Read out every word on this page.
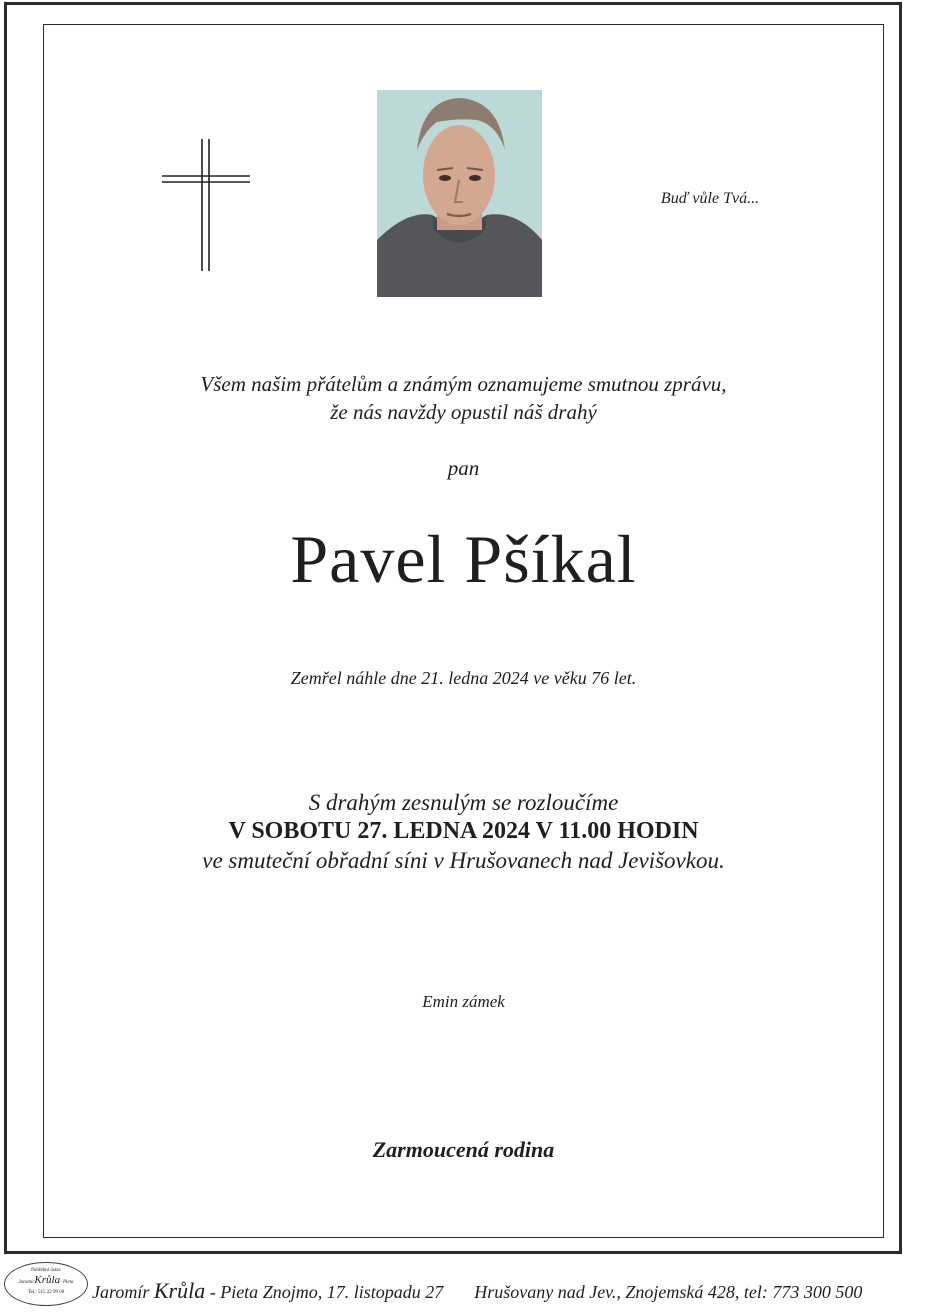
Buď vůle Tvá...
Všem našim přátelům a známým oznamujeme smutnou zprávu,
že nás navždy opustil náš drahý
pan
Pavel Pšíkal
Zemřel náhle dne 21. ledna 2024 ve věku 76 let.
S drahým zesnulým se rozloučíme
V SOBOTU 27. LEDNA 2024 V 11.00 HODIN
ve smuteční obřadní síni v Hrušovanech nad Jevišovkou.
Emin zámek
Zarmoucená rodina
Pohřební ústav
JaromírKrůla- Pieta
Tel.: 515 22 99 60	Jaromír Krůla - Pieta Znojmo, 17. listopadu 27 Hrušovany nad Jev., Znojemská 428, tel: 773 300 500
